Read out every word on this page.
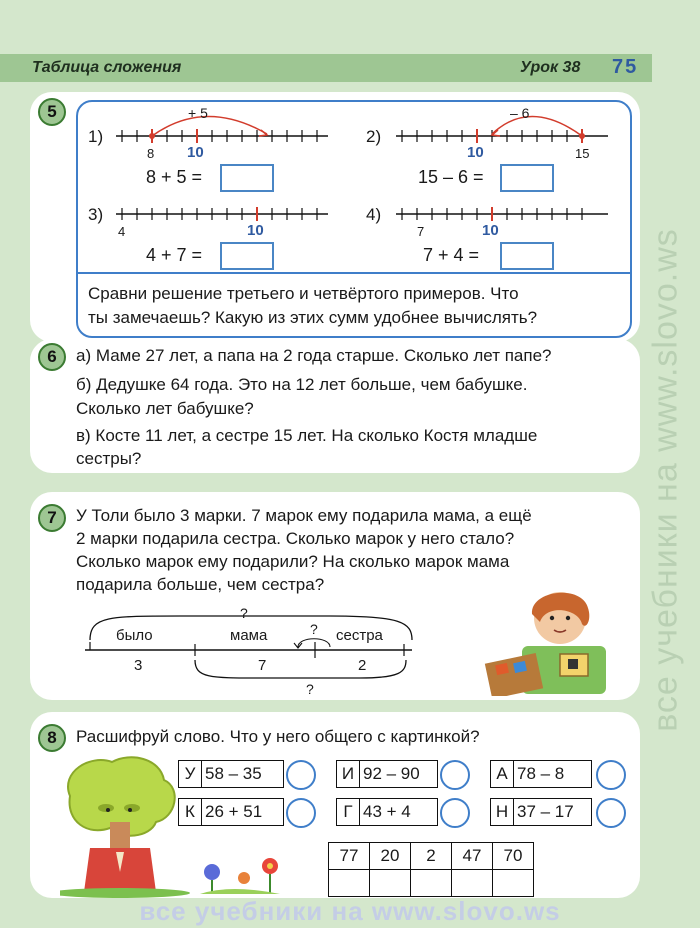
Таблица сложения	Урок 38 75
все учебники на www.slovo.ws
5
1)
+ 5
8 10
8 + 5 =
2)
– 6
10	15
15 – 6 =
3)
4	10
4 + 7 =
4)
7	10
7 + 4 =
Сравни решение третьего и четвёртого примеров. Что
ты замечаешь? Какую из этих сумм удобнее вычислять?
6	а) Маме 27 лет, а папа на 2 года старше. Сколько лет папе?
б) Дедушке 64 года. Это на 12 лет больше, чем бабушке.
Сколько лет бабушке?
в) Косте 11 лет, а сестре 15 лет. На сколько Костя младше
сестры?
7	У Толи было 3 марки. 7 марок ему подарила мама, а ещё
2 марки подарила сестра. Сколько марок у него стало?
Сколько марок ему подарили? На сколько марок мама
подарила больше, чем сестра?
?
было	мама	? сестра
3	7	2
?
8	Расшифруй слово. Что у него общего с картинкой?
У 58 – 35	И 92 – 90	А 78 – 8
К 26 + 51	Г 43 + 4	Н 37 – 17
77	20	2	47	70

все учебники на www.slovo.ws
